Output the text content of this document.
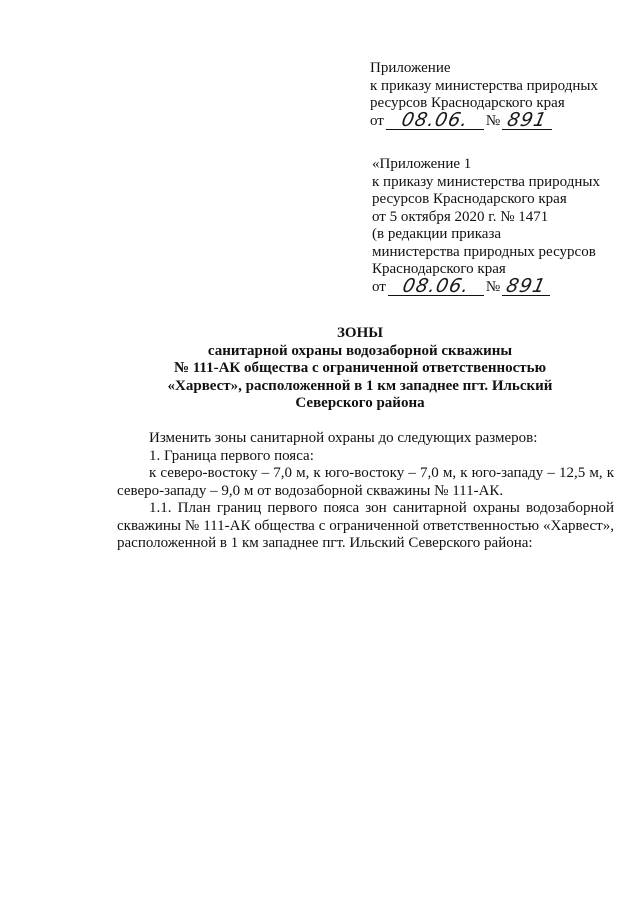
Приложение
к приказу министерства природных
ресурсов Краснодарского края
от 08.06.	№ 891
«Приложение 1
к приказу министерства природных
ресурсов Краснодарского края
от 5 октября 2020 г. № 1471
(в редакции приказа
министерства природных ресурсов
Краснодарского края
от 08.06. № 891
ЗОНЫ
санитарной охраны водозаборной скважины
№ 111-АК общества с ограниченной ответственностью
«Харвест», расположенной в 1 км западнее пгт. Ильский
Северского района

Изменить зоны санитарной охраны до следующих размеров:

1. Граница первого пояса:

к северо-востоку – 7,0 м, к юго-востоку – 7,0 м, к юго-западу – 12,5 м, к северо-западу – 9,0 м от водозаборной скважины № 111-АК.

1.1. План границ первого пояса зон санитарной охраны водозаборной скважины № 111-АК общества с ограниченной ответственностью «Харвест», расположенной в 1 км западнее пгт. Ильский Северского района:
